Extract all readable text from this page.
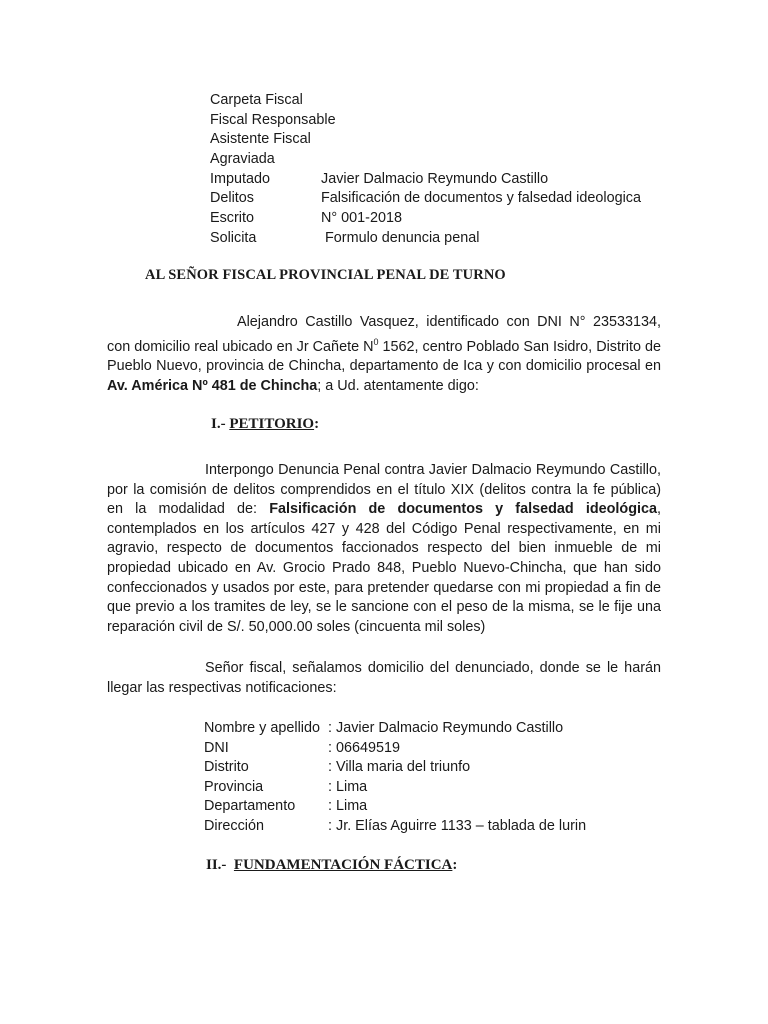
Carpeta Fiscal
Fiscal Responsable
Asistente Fiscal
Agraviada
Imputado	Javier Dalmacio Reymundo Castillo
Delitos	Falsificación de documentos y falsedad ideologica
Escrito	N° 001-2018
Solicita	Formulo denuncia penal
AL SEÑOR FISCAL PROVINCIAL PENAL DE TURNO
Alejandro Castillo Vasquez, identificado con DNI N° 23533134, con domicilio real ubicado en Jr Cañete $N^0$ 1562, centro Poblado San Isidro, Distrito de Pueblo Nuevo, provincia de Chincha, departamento de Ica y con domicilio procesal en Av. América Nº 481 de Chincha; a Ud. atentamente digo:
I.- PETITORIO:
Interpongo Denuncia Penal contra Javier Dalmacio Reymundo Castillo, por la comisión de delitos comprendidos en el título XIX (delitos contra la fe pública) en la modalidad de: Falsificación de documentos y falsedad ideológica, contemplados en los artículos 427 y 428 del Código Penal respectivamente, en mi agravio, respecto de documentos faccionados respecto del bien inmueble de mi propiedad ubicado en Av. Grocio Prado 848, Pueblo Nuevo-Chincha, que han sido confeccionados y usados por este, para pretender quedarse con mi propiedad a fin de que previo a los tramites de ley, se le sancione con el peso de la misma, se le fije una reparación civil de S/. 50,000.00 soles (cincuenta mil soles)
Señor fiscal, señalamos domicilio del denunciado, donde se le harán llegar las respectivas notificaciones:
Nombre y apellido : Javier Dalmacio Reymundo Castillo
DNI	: 06649519
Distrito	: Villa maria del triunfo
Provincia	: Lima
Departamento : Lima
Dirección	: Jr. Elías Aguirre 1133 – tablada de lurin
II.-  FUNDAMENTACIÓN FÁCTICA:
